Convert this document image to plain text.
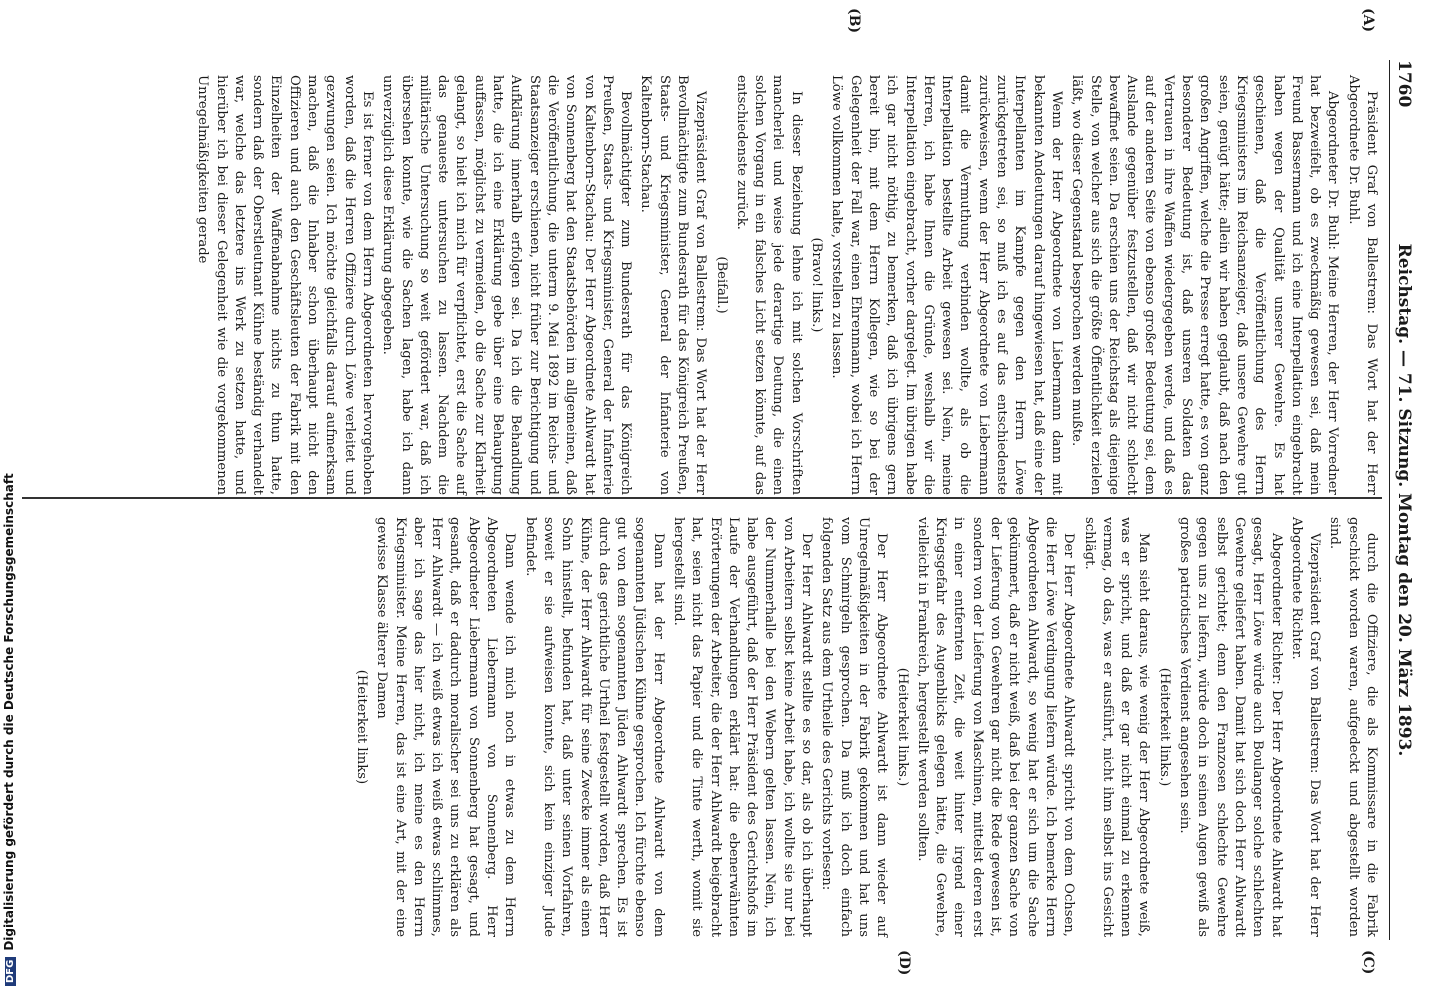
1760
Reichstag. — 71. Sitzung. Montag den 20. März 1893.
(A)
(B)
(C)
(D)

Präsident Graf von Ballestrem: Das Wort hat der Herr Abgeordnete Dr. Buhl.

Abgeordneter Dr. Buhl: Meine Herren, der Herr Vorredner hat bezweifelt, ob es zweckmäßig gewesen sei, daß mein Freund Bassermann und ich eine Interpellation eingebracht haben wegen der Qualität unserer Gewehre. Es hat geschienen, daß die Veröffentlichung des Herrn Kriegsministers im Reichsanzeiger, daß unsere Gewehre gut seien, genügt hätte; allein wir haben geglaubt, daß nach den großen Angriffen, welche die Presse erregt hatte, es von ganz besonderer Bedeutung ist, daß unseren Soldaten das Vertrauen in ihre Waffen wiedergegeben werde, und daß es auf der anderen Seite von ebenso großer Bedeutung sei, dem Auslande gegenüber festzustellen, daß wir nicht schlecht bewaffnet seien. Da erschien uns der Reichstag als diejenige Stelle, von welcher aus sich die größte Öffentlichkeit erzielen läßt, wo dieser Gegenstand besprochen werden mußte.

Wenn der Herr Abgeordnete von Liebermann dann mit bekannten Andeutungen darauf hingewiesen hat, daß eine der Interpellanten im Kampfe gegen den Herrn Löwe zurückgetreten sei, so muß ich es auf das entschiedenste zurückweisen, wenn der Herr Abgeordnete von Liebermann damit die Vermuthung verbinden wollte, als ob die Interpellation bestellte Arbeit gewesen sei. Nein, meine Herren, ich habe Ihnen die Gründe, weshalb wir die Interpellation eingebracht, vorher dargelegt. Im übrigen habe ich gar nicht nöthig, zu bemerken, daß ich übrigens gern bereit bin, mit dem Herrn Kollegen, wie so bei der Gelegenheit der Fall war, einen Ehrenmann, wobei ich Herrn Löwe vollkommen halte, vorstellen zu lassen.

(Bravo! links.)

In dieser Beziehung lehne ich mit solchen Vorschriften mancherlei und weise jede derartige Deutung, die einen solchen Vorgang in ein falsches Licht setzen könnte, auf das entschiedenste zurück.

(Beifall.)

Vizepräsident Graf von Ballestrem: Das Wort hat der Herr Bevollmächtigte zum Bundesrath für das Königreich Preußen, Staats- und Kriegsminister, General der Infanterie von Kaltenborn-Stachau.

Bevollmächtigter zum Bundesrath für das Königreich Preußen, Staats- und Kriegsminister, General der Infanterie von Kaltenborn-Stachau: Der Herr Abgeordnete Ahlwardt hat von Sonnenberg hat den Staatsbehörden im allgemeinen, daß die Veröffentlichung, die unterm 9. Mai 1892 im Reichs- und Staatsanzeiger erschienen, nicht früher zur Berichtigung und Aufklärung innerhalb erfolgen sei. Da ich die Behandlung hatte, die ich eine Erklärung gebe über eine Behauptung auffassen, möglichst zu vermeiden, ob die Sache zur Klarheit gelangt, so hielt ich mich für verpflichtet, erst die Sache auf das genaueste untersuchen zu lassen. Nachdem die militärische Untersuchung so weit gefördert war, daß ich übersehen konnte, wie die Sachen lagen, habe ich dann unverzüglich diese Erklärung abgegeben.

Es ist ferner von dem Herrn Abgeordneten hervorgehoben worden, daß die Herren Offiziere durch Löwe verleitet und gezwungen seien. Ich möchte gleichfalls darauf aufmerksam machen, daß die Inhaber schon überhaupt nicht den Offizieren und auch den Geschäftsleuten der Fabrik mit den Einzelheiten der Waffenabnahme nichts zu thun hatte, sondern daß der Oberstleutnant Kühne beständig verhandelt war, welche das letztere ins Werk zu setzen hatte, und hierüber ich bei dieser Gelegenheit wie die vorgekommenen Unregelmäßigkeiten gerade

durch die Offiziere, die als Kommissare in die Fabrik geschickt worden waren, aufgedeckt und abgestellt worden sind.

Vizepräsident Graf von Ballestrem: Das Wort hat der Herr Abgeordnete Richter.

Abgeordneter Richter: Der Herr Abgeordnete Ahlwardt hat gesagt, Herr Löwe würde auch Boulanger solche schlechten Gewehre geliefert haben. Damit hat sich doch Herr Ahlwardt selbst gerichtet; denn den Franzosen schlechte Gewehre gegen uns zu liefern, würde doch in seinen Augen gewiß als großes patriotisches Verdienst angesehen sein.

(Heiterkeit links.)

Man sieht daraus, wie wenig der Herr Abgeordnete weiß, was er spricht, und daß er gar nicht einmal zu erkennen vermag, ob das, was er ausführt, nicht ihm selbst ins Gesicht schlägt.

Der Herr Abgeordnete Ahlwardt spricht von dem Ochsen, die Herr Löwe Verdingung liefern würde. Ich bemerke Herrn Abgeordneten Ahlwardt, so wenig hat er sich um die Sache gekümmert, daß er nicht weiß, daß bei der ganzen Sache von der Lieferung von Gewehren gar nicht die Rede gewesen ist, sondern von der Lieferung von Maschinen, mittelst deren erst in einer entfernten Zeit, die weit hinter irgend einer Kriegsgefahr des Augenblicks gelegen hätte, die Gewehre, vielleicht in Frankreich, hergestellt werden sollten.

(Heiterkeit links.)

Der Herr Abgeordnete Ahlwardt ist dann wieder auf Unregelmäßigkeiten in der Fabrik gekommen und hat uns vom Schmirgeln gesprochen. Da muß ich doch einfach folgenden Satz aus dem Urtheile des Gerichts vorlesen:

Der Herr Ahlwardt stellte es so dar, als ob ich überhaupt von Arbeitern selbst keine Arbeit habe, ich wollte sie nur bei der Nummerhalle bei den Webern gelten lassen. Nein, ich habe ausgeführt, daß der Herr Präsident des Gerichtshofs im Laufe der Verhandlungen erklärt hat: die ebenerwähnten Erörterungen der Arbeiter, die der Herr Ahlwardt beigebracht hat, seien nicht das Papier und die Tinte werth, womit sie hergestellt sind.

Dann hat der Herr Abgeordnete Ahlwardt von dem sogenannten Jüdischen Kühne gesprochen. Ich fürchte ebenso gut von dem sogenannten Jüden Ahlwardt sprechen. Es ist durch das gerichtliche Urtheil festgestellt worden, daß Herr Kühne, der Herr Ahlwardt für seine Zwecke immer als einen Sohn hinstellt, befunden hat, daß unter seinen Vorfahren, soweit er sie aufweisen konnte, sich kein einziger Jude befindet.

Dann wende ich mich noch in etwas zu dem Herrn Abgeordneten Liebermann von Sonnenberg. Herr Abgeordneter Liebermann von Sonnenberg hat gesagt, und gesandt, daß er dadurch moralischer sei uns zu erklären als Herr Ahlwardt — ich weiß etwas ich weiß etwas schlimmes, aber ich sage das hier nicht, ich meine es den Herrn Kriegsminister. Meine Herren, das ist eine Art, mit der eine gewisse Klasse älterer Damen

(Heiterkeit links)

DFGDigitalisierung gefördert durch die Deutsche Forschungsgemeinschaft
